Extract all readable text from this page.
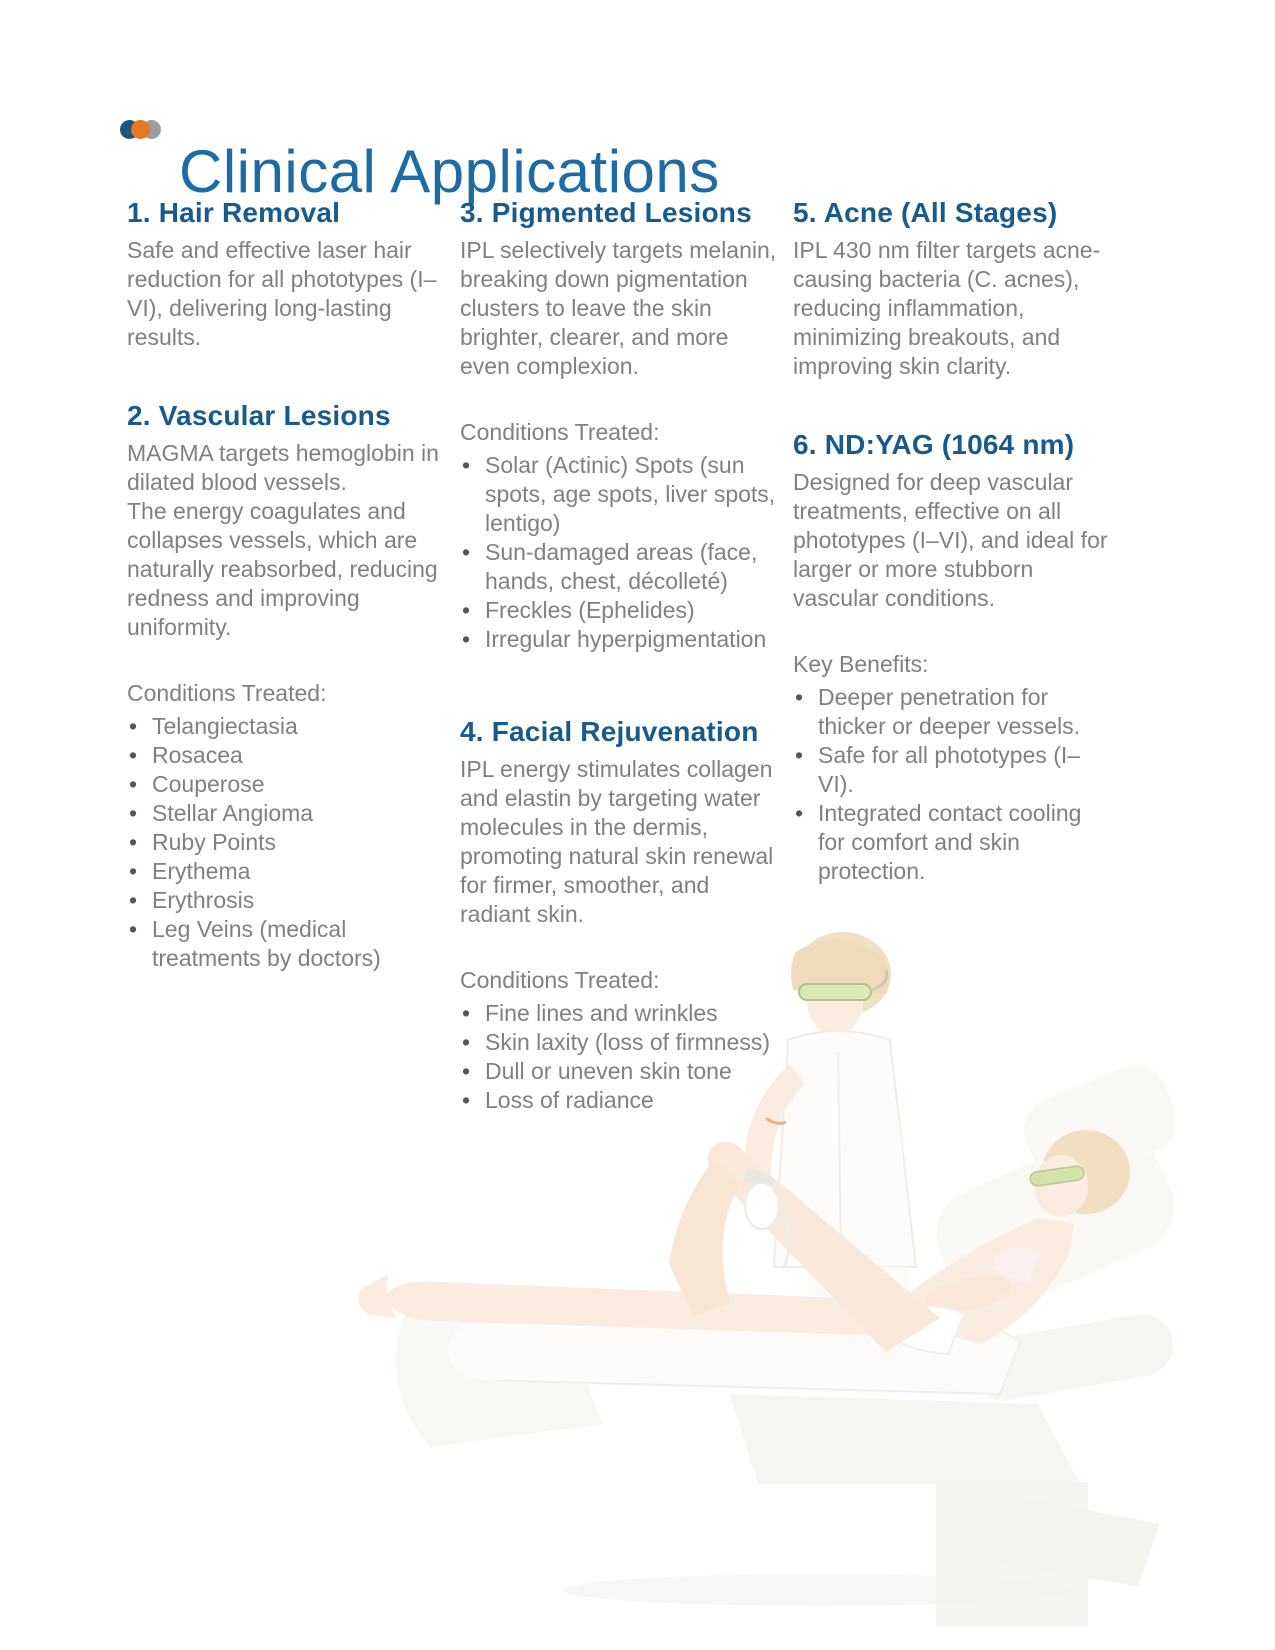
Clinical Applications
1. Hair Removal

Safe and effective laser hair reduction for all phototypes (I–VI), delivering long-lasting results.

2. Vascular Lesions

MAGMA targets hemoglobin in dilated blood vessels.

The energy coagulates and collapses vessels, which are naturally reabsorbed, reducing redness and improving uniformity.

Conditions Treated:

• Telangiectasia
• Rosacea
• Couperose
• Stellar Angioma
• Ruby Points
• Erythema
• Erythrosis
• Leg Veins (medical treatments by doctors)
3. Pigmented Lesions

IPL selectively targets melanin, breaking down pigmentation clusters to leave the skin brighter, clearer, and more even complexion.

Conditions Treated:

• Solar (Actinic) Spots (sun spots, age spots, liver spots, lentigo)
• Sun-damaged areas (face, hands, chest, décolleté)
• Freckles (Ephelides)
• Irregular hyperpigmentation
4. Facial Rejuvenation

IPL energy stimulates collagen and elastin by targeting water molecules in the dermis, promoting natural skin renewal for firmer, smoother, and radiant skin.

Conditions Treated:

• Fine lines and wrinkles
• Skin laxity (loss of firmness)
• Dull or uneven skin tone
• Loss of radiance
5. Acne (All Stages)

IPL 430 nm filter targets acne-causing bacteria (C. acnes), reducing inflammation, minimizing breakouts, and improving skin clarity.

6. ND:YAG (1064 nm)

Designed for deep vascular treatments, effective on all phototypes (I–VI), and ideal for larger or more stubborn vascular conditions.

Key Benefits:

• Deeper penetration for thicker or deeper vessels.
• Safe for all phototypes (I–VI).
• Integrated contact cooling for comfort and skin protection.
